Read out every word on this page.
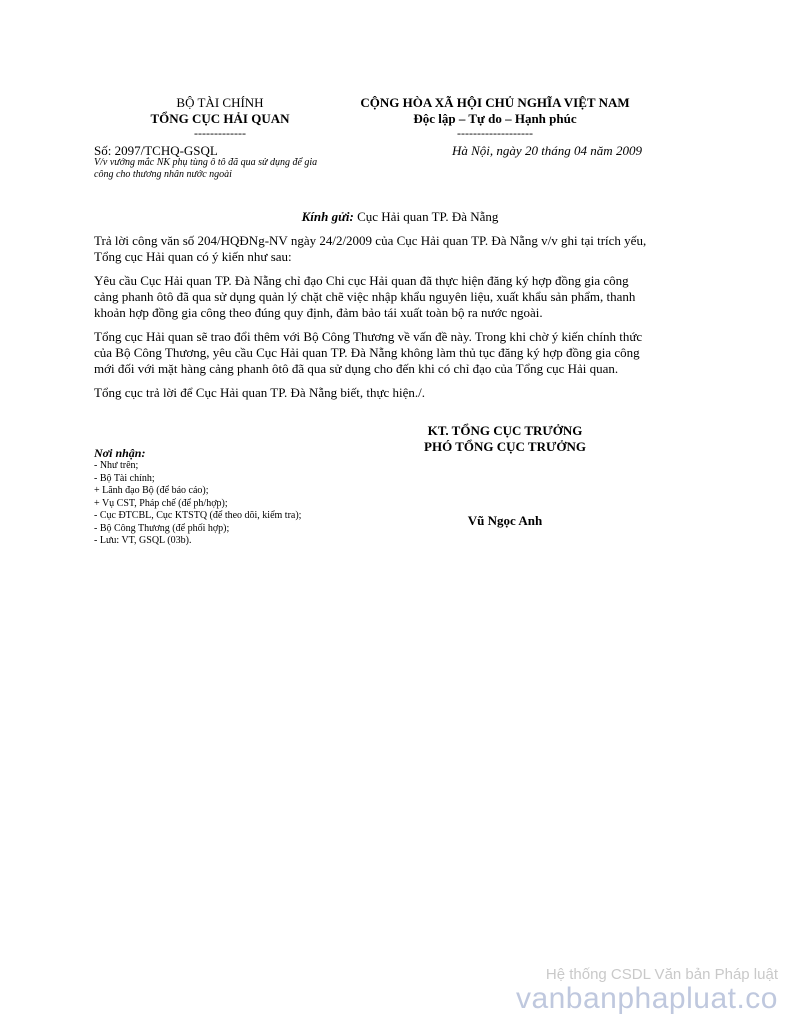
BỘ TÀI CHÍNH
TỔNG CỤC HẢI QUAN
-------------
CỘNG HÒA XÃ HỘI CHỦ NGHĨA VIỆT NAM
Độc lập – Tự do – Hạnh phúc
-------------------
Số: 2097/TCHQ-GSQL	Hà Nội, ngày 20 tháng 04 năm 2009
V/v vướng mắc NK phụ tùng ô tô đã qua sử dụng để gia
công cho thương nhân nước ngoài
Kính gửi: Cục Hải quan TP. Đà Nẵng

Trả lời công văn số 204/HQĐNg-NV ngày 24/2/2009 của Cục Hải quan TP. Đà Nẵng v/v ghi tại trích yếu, Tổng cục Hải quan có ý kiến như sau:

Yêu cầu Cục Hải quan TP. Đà Nẵng chỉ đạo Chi cục Hải quan đã thực hiện đăng ký hợp đồng gia công cảng phanh ôtô đã qua sử dụng quản lý chặt chẽ việc nhập khẩu nguyên liệu, xuất khẩu sản phẩm, thanh khoản hợp đồng gia công theo đúng quy định, đảm bảo tái xuất toàn bộ ra nước ngoài.

Tổng cục Hải quan sẽ trao đổi thêm với Bộ Công Thương về vấn đề này. Trong khi chờ ý kiến chính thức của Bộ Công Thương, yêu cầu Cục Hải quan TP. Đà Nẵng không làm thủ tục đăng ký hợp đồng gia công mới đối với mặt hàng cảng phanh ôtô đã qua sử dụng cho đến khi có chỉ đạo của Tổng cục Hải quan.

Tổng cục trả lời để Cục Hải quan TP. Đà Nẵng biết, thực hiện./.

KT. TỔNG CỤC TRƯỞNG
PHÓ TỔNG CỤC TRƯỞNG
Vũ Ngọc Anh
Nơi nhận:
- Như trên;
- Bộ Tài chính;
+ Lãnh đạo Bộ (để báo cáo);
+ Vụ CST, Pháp chế (để ph/hợp);
- Cục ĐTCBL, Cục KTSTQ (để theo dõi, kiểm tra);
- Bộ Công Thương (để phối hợp);
- Lưu: VT, GSQL (03b).
Hệ thống CSDL Văn bản Pháp luật
vanbanphapluat.co
